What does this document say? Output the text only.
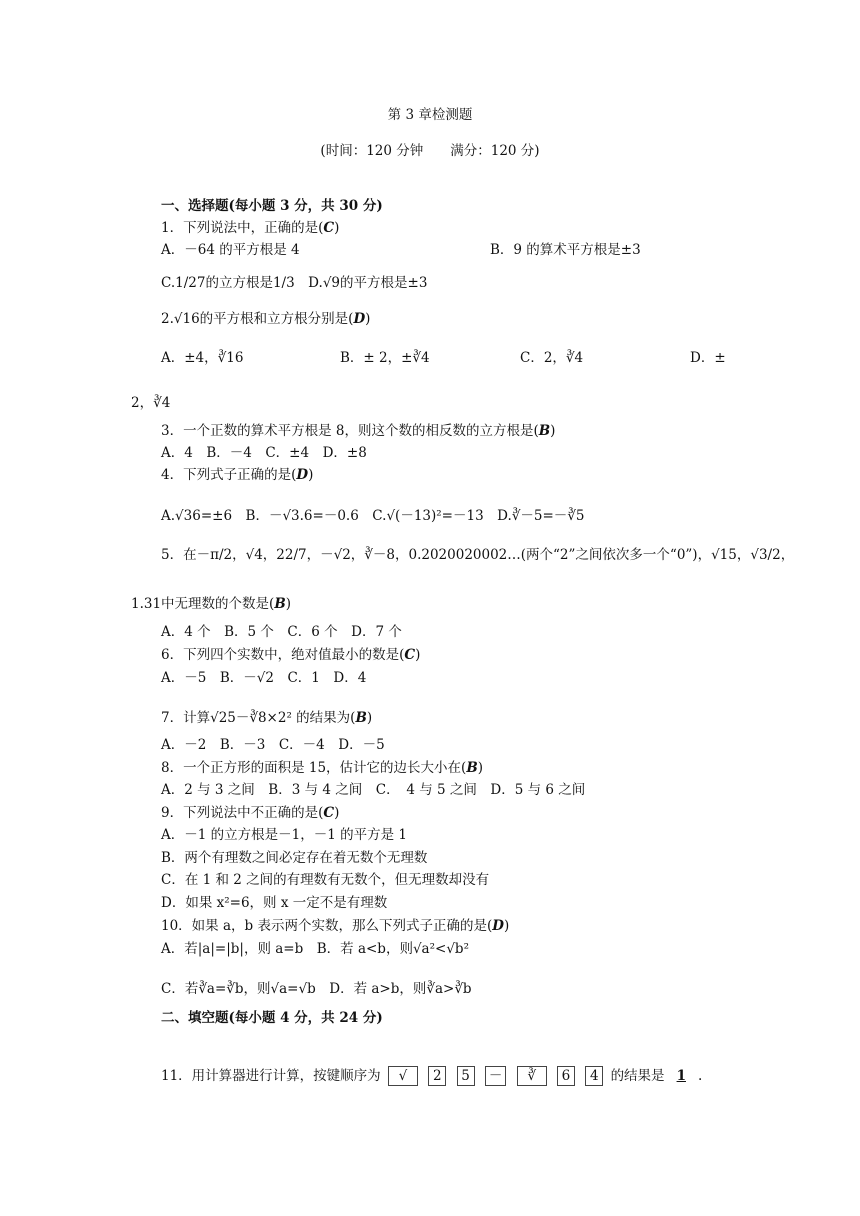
第 3 章检测题
(时间：120 分钟　　满分：120 分)
一、选择题(每小题 3 分，共 30 分)
1．下列说法中，正确的是(C)
A．－64 的平方根是 4	B．9 的算术平方根是±3
C.1/27的立方根是1/3　D.√9的平方根是±3
2.√16的平方根和立方根分别是(D)
A．±4，∛16	B．± 2，±∛4	C．2，∛4	D．±
2，∛4
3．一个正数的算术平方根是 8，则这个数的相反数的立方根是(B)
A．4　B．－4　C．±4　D．±8
4．下列式子正确的是(D)
A.√36=±6　B．－√3.6=－0.6　C.√(－13)²=－13　D.∛－5=－∛5
5．在－π/2，√4，22/7，－√2，∛－8，0.2020020002…(两个“2”之间依次多一个“0”)，√15，√3/2，
1.31中无理数的个数是(B)
A．4 个　B．5 个　C．6 个　D．7 个
6．下列四个实数中，绝对值最小的数是(C)
A．－5　B．－√2　C．1　D．4
7．计算√25－∛8×2² 的结果为(B)
A．－2　B．－3　C．－4　D．－5
8．一个正方形的面积是 15，估计它的边长大小在(B)
A．2 与 3 之间　B．3 与 4 之间　C．　4 与 5 之间　D．5 与 6 之间
9．下列说法中不正确的是(C)
A．－1 的立方根是－1，－1 的平方是 1
B．两个有理数之间必定存在着无数个无理数
C．在 1 和 2 之间的有理数有无数个，但无理数却没有
D．如果 x²=6，则 x 一定不是有理数
10．如果 a，b 表示两个实数，那么下列式子正确的是(D)
A．若|a|=|b|，则 a=b　B．若 a<b，则√a²<√b²
C．若∛a=∛b，则√a=√b　D．若 a>b，则∛a>∛b
二、填空题(每小题 4 分，共 24 分)
11．用计算器进行计算，按键顺序为 √ 2 5 － ∛ 6 4 的结果是 1 .
